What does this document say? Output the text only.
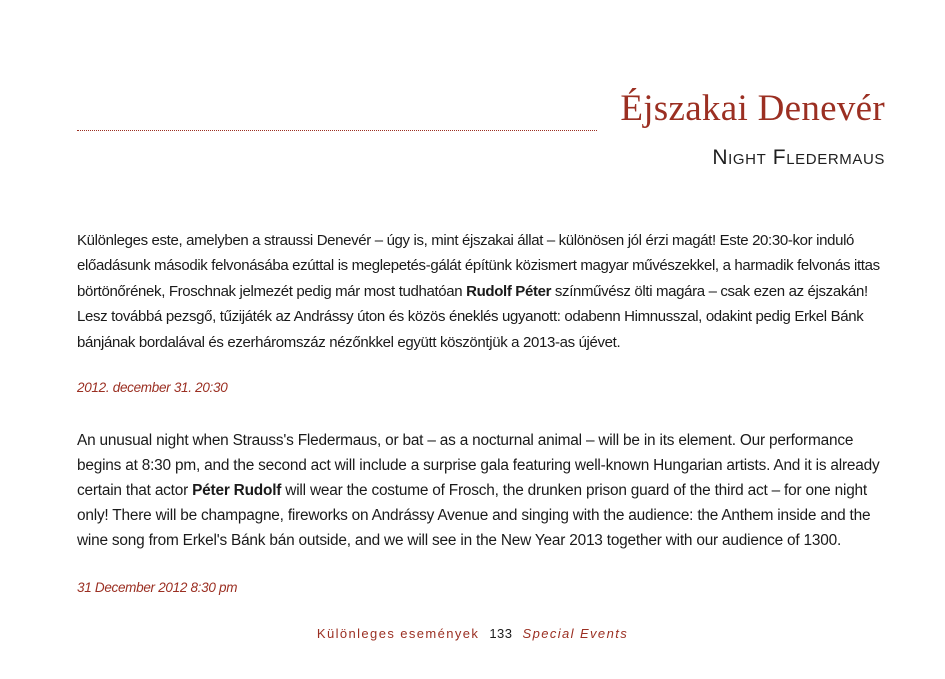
Éjszakai Denevér
Night Fledermaus

Különleges este, amelyben a straussi Denevér – úgy is, mint éjszakai állat – különösen jól érzi magát! Este 20:30-kor induló előadásunk második felvonásába ezúttal is meglepetés-gálát építünk közismert magyar művészekkel, a harmadik felvonás ittas börtönőrének, Froschnak jelmezét pedig már most tudhatóan Rudolf Péter színművész ölti magára – csak ezen az éjszakán! Lesz továbbá pezsgő, tűzijáték az Andrássy úton és közös éneklés ugyanott: odabenn Himnusszal, odakint pedig Erkel Bánk bánjának bordalával és ezerháromszáz nézőnkkel együtt köszöntjük a 2013-as újévet.

2012. december 31. 20:30

An unusual night when Strauss's Fledermaus, or bat – as a nocturnal animal – will be in its element. Our performance begins at 8:30 pm, and the second act will include a surprise gala featuring well-known Hungarian artists. And it is already certain that actor Péter Rudolf will wear the costume of Frosch, the drunken prison guard of the third act – for one night only! There will be champagne, fireworks on Andrássy Avenue and singing with the audience: the Anthem inside and the wine song from Erkel's Bánk bán outside, and we will see in the New Year 2013 together with our audience of 1300.

31 December 2012 8:30 pm
Különleges események 133 Special Events
